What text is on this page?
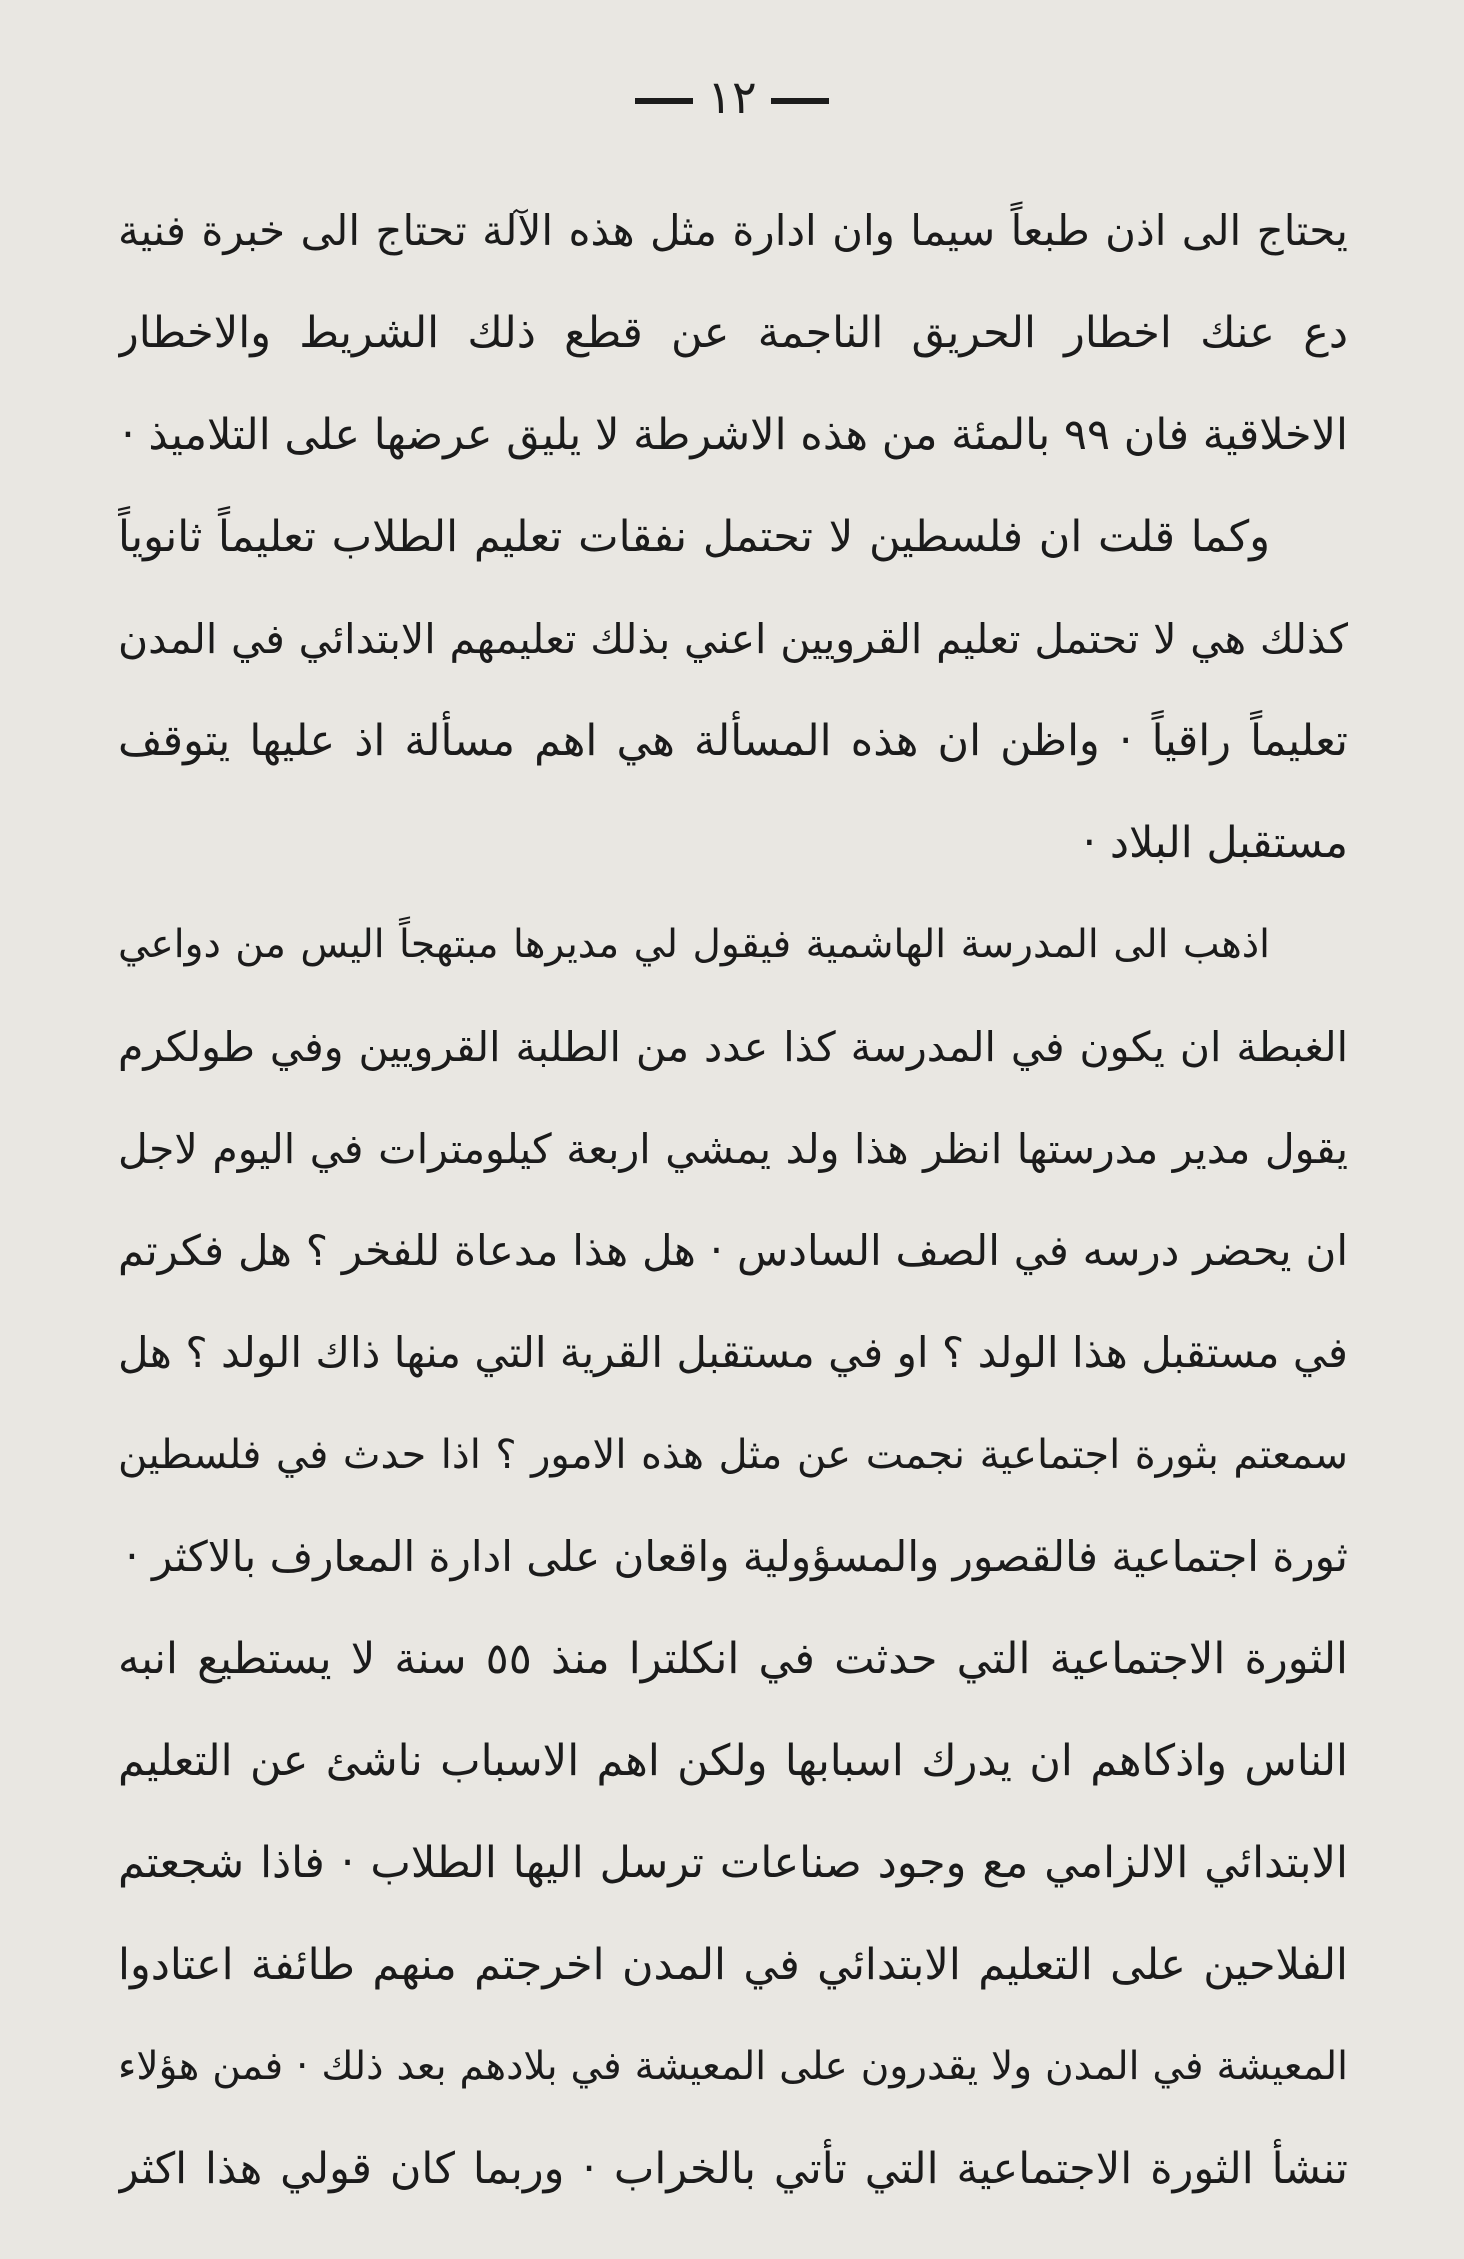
١٢
يحتاج الى اذن طبعاً سيما وان ادارة مثل هذه الآلة تحتاج الى خبرة فنية
دع عنك اخطار الحريق الناجمة عن قطع ذلك الشريط والاخطار
الاخلاقية فان ٩٩ بالمئة من هذه الاشرطة لا يليق عرضها على التلاميذ ·
وكما قلت ان فلسطين لا تحتمل نفقات تعليم الطلاب تعليماً ثانوياً
كذلك هي لا تحتمل تعليم القرويين اعني بذلك تعليمهم الابتدائي في المدن
تعليماً راقياً · واظن ان هذه المسألة هي اهم مسألة اذ عليها يتوقف
مستقبل البلاد ·
اذهب الى المدرسة الهاشمية فيقول لي مديرها مبتهجاً اليس من دواعي
الغبطة ان يكون في المدرسة كذا عدد من الطلبة القرويين وفي طولكرم
يقول مدير مدرستها انظر هذا ولد يمشي اربعة كيلومترات في اليوم لاجل
ان يحضر درسه في الصف السادس · هل هذا مدعاة للفخر ؟ هل فكرتم
في مستقبل هذا الولد ؟ او في مستقبل القرية التي منها ذاك الولد ؟ هل
سمعتم بثورة اجتماعية نجمت عن مثل هذه الامور ؟ اذا حدث في فلسطين
ثورة اجتماعية فالقصور والمسؤولية واقعان على ادارة المعارف بالاكثر ·
الثورة الاجتماعية التي حدثت في انكلترا منذ ٥٥ سنة لا يستطيع انبه
الناس واذكاهم ان يدرك اسبابها ولكن اهم الاسباب ناشئ عن التعليم
الابتدائي الالزامي مع وجود صناعات ترسل اليها الطلاب · فاذا شجعتم
الفلاحين على التعليم الابتدائي في المدن اخرجتم منهم طائفة اعتادوا
المعيشة في المدن ولا يقدرون على المعيشة في بلادهم بعد ذلك · فمن هؤلاء
تنشأ الثورة الاجتماعية التي تأتي بالخراب · وربما كان قولي هذا اكثر
